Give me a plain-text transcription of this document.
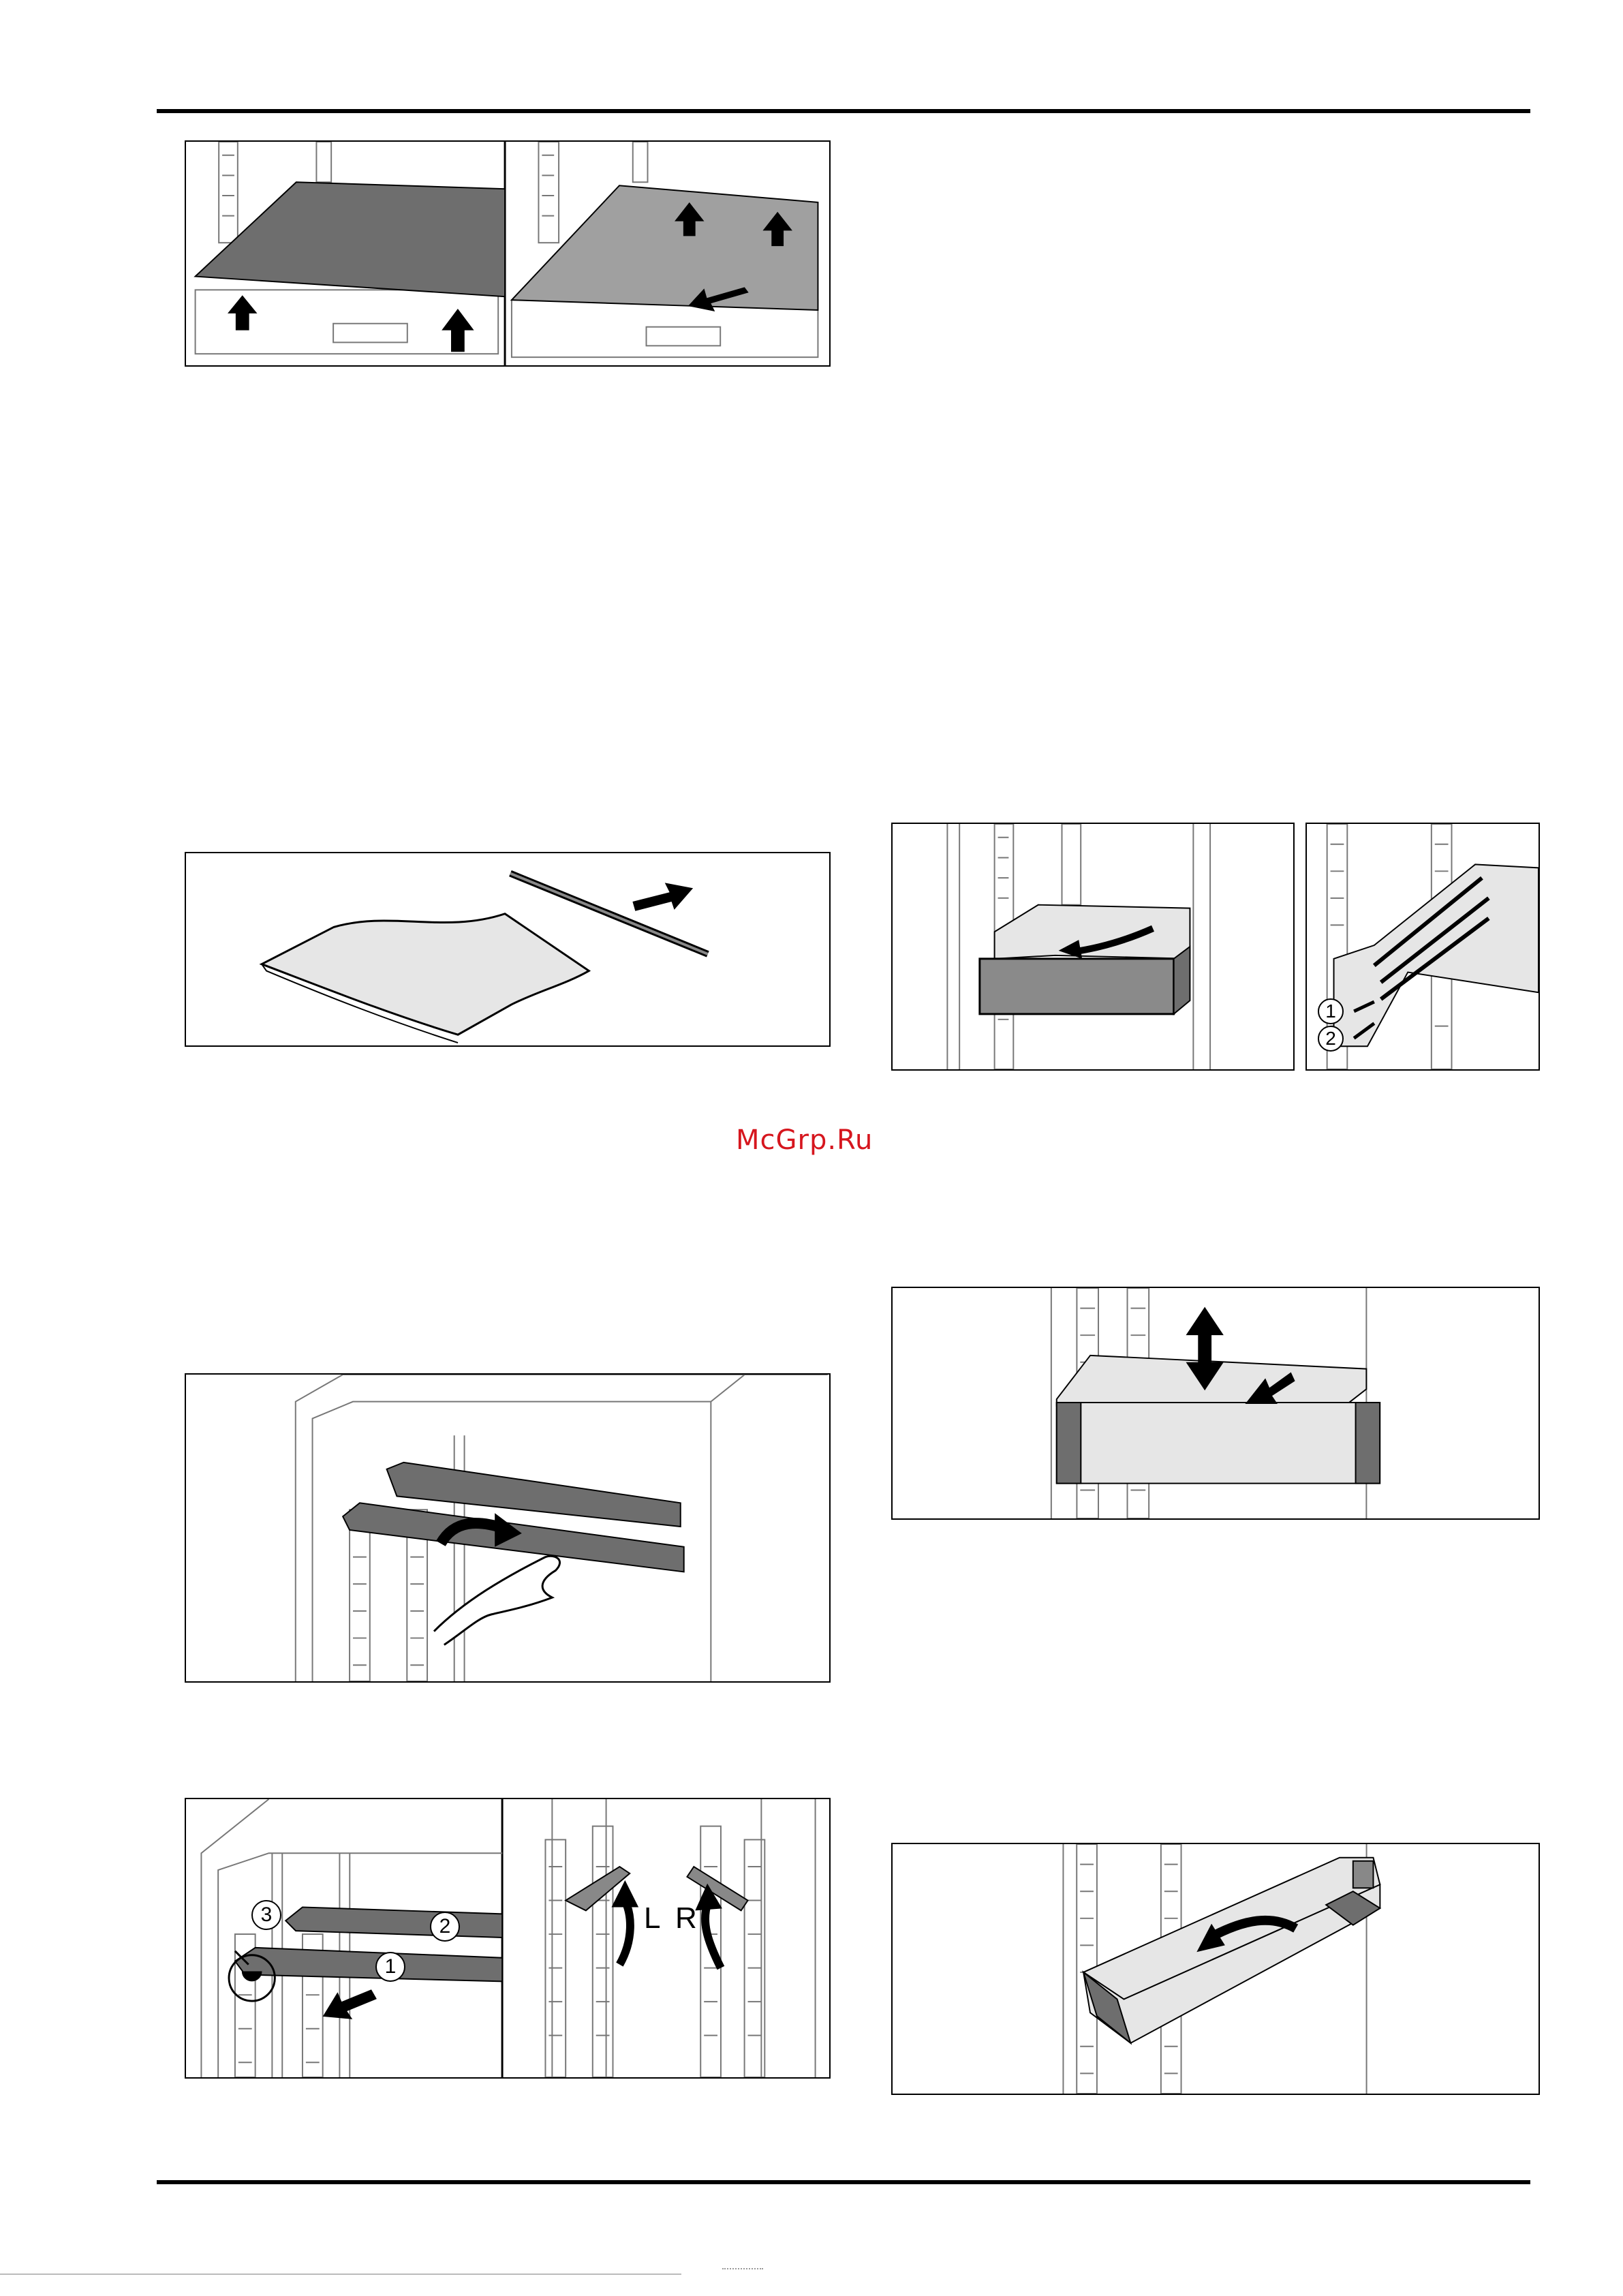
1
2
McGrp.Ru
3
2
1
L R
